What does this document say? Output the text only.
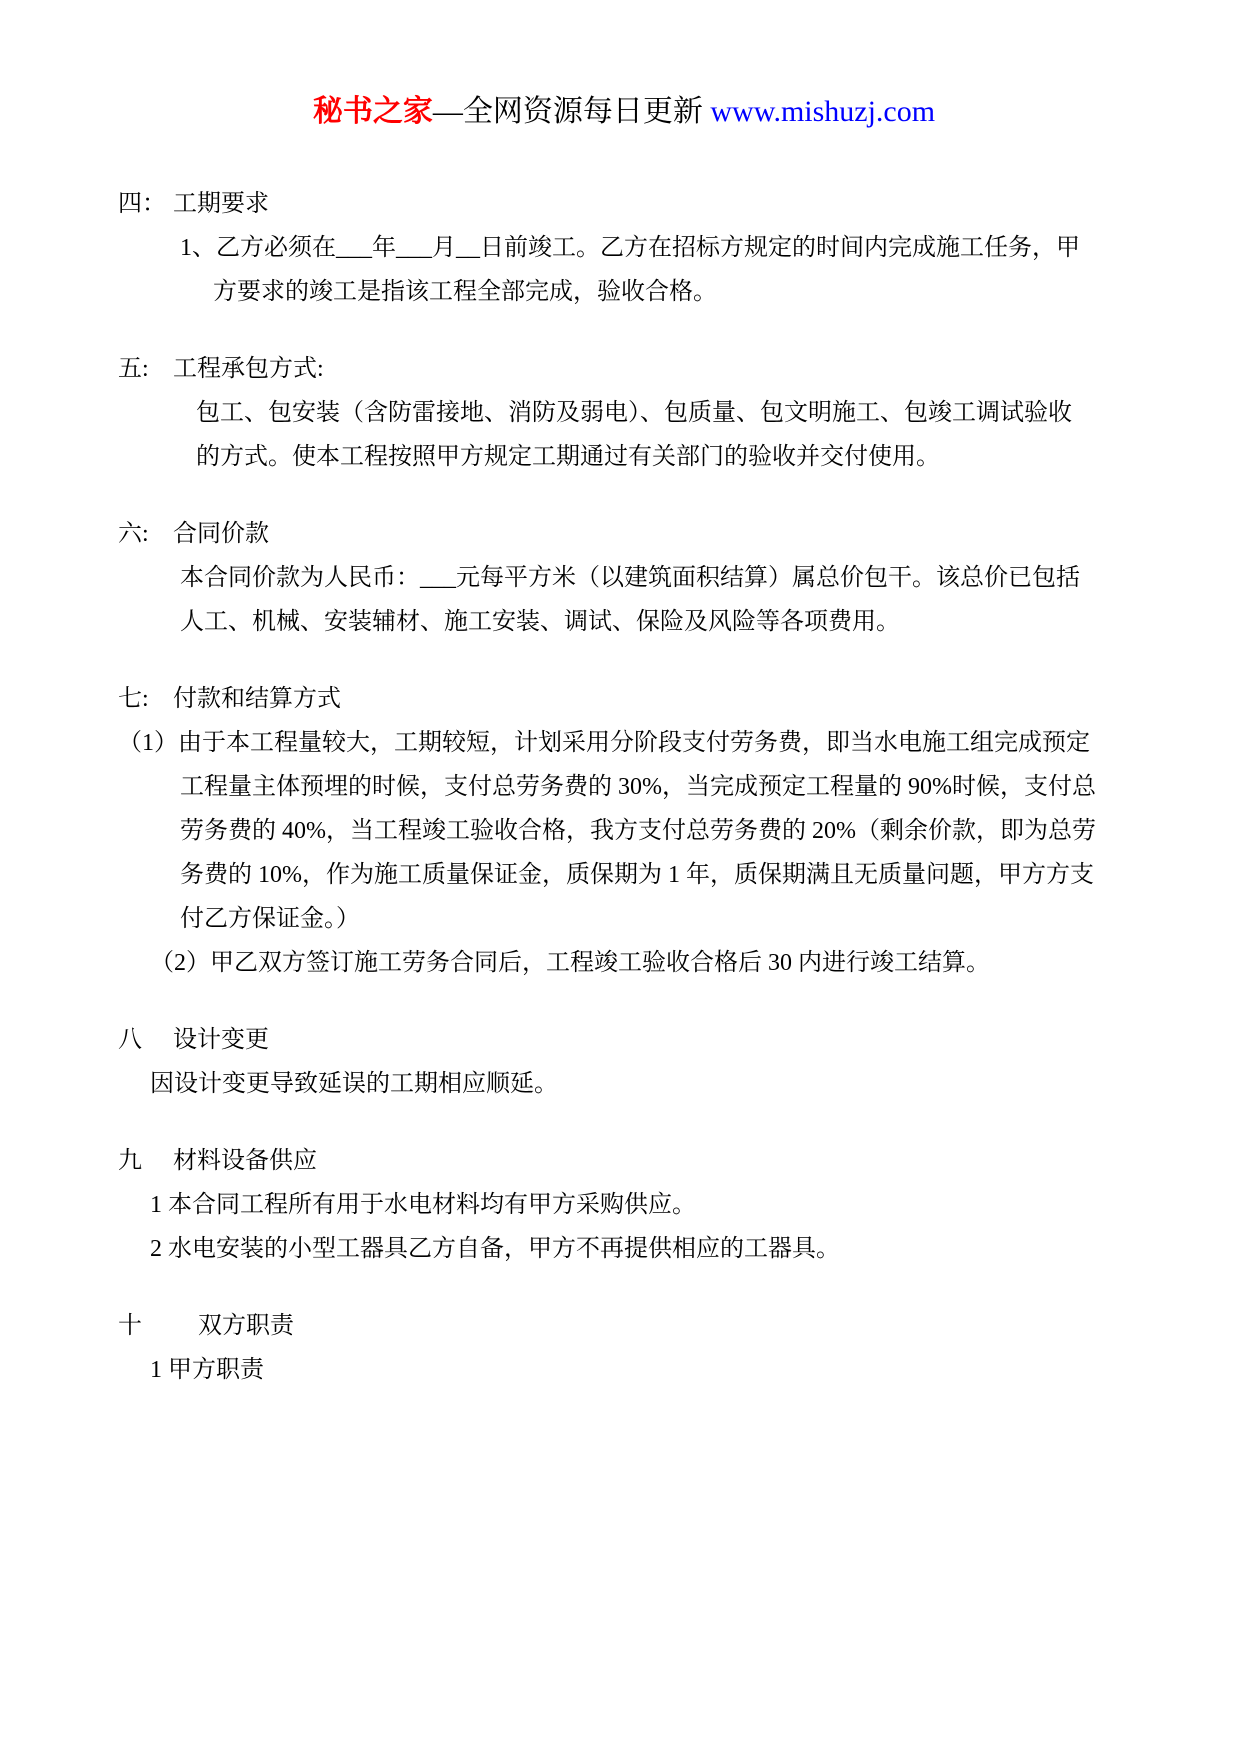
秘书之家—全网资源每日更新 www.mishuzj.com
四： 工期要求
1、乙方必须在___年___月__日前竣工。乙方在招标方规定的时间内完成施工任务，甲
方要求的竣工是指该工程全部完成，验收合格。
五: 工程承包方式:
包工、包安装（含防雷接地、消防及弱电）、包质量、包文明施工、包竣工调试验收
的方式。使本工程按照甲方规定工期通过有关部门的验收并交付使用。
六: 合同价款
本合同价款为人民币：___元每平方米（以建筑面积结算）属总价包干。该总价已包括
人工、机械、安装辅材、施工安装、调试、保险及风险等各项费用。
七: 付款和结算方式
（1）由于本工程量较大，工期较短，计划采用分阶段支付劳务费，即当水电施工组完成预定
工程量主体预埋的时候，支付总劳务费的 30%，当完成预定工程量的 90%时候，支付总
劳务费的 40%，当工程竣工验收合格，我方支付总劳务费的 20%（剩余价款，即为总劳
务费的 10%，作为施工质量保证金，质保期为 1 年，质保期满且无质量问题，甲方方支
付乙方保证金。）
（2）甲乙双方签订施工劳务合同后，工程竣工验收合格后 30 内进行竣工结算。
八 设计变更
因设计变更导致延误的工期相应顺延。
九 材料设备供应
1 本合同工程所有用于水电材料均有甲方采购供应。
2 水电安装的小型工器具乙方自备，甲方不再提供相应的工器具。
十 双方职责
1 甲方职责
